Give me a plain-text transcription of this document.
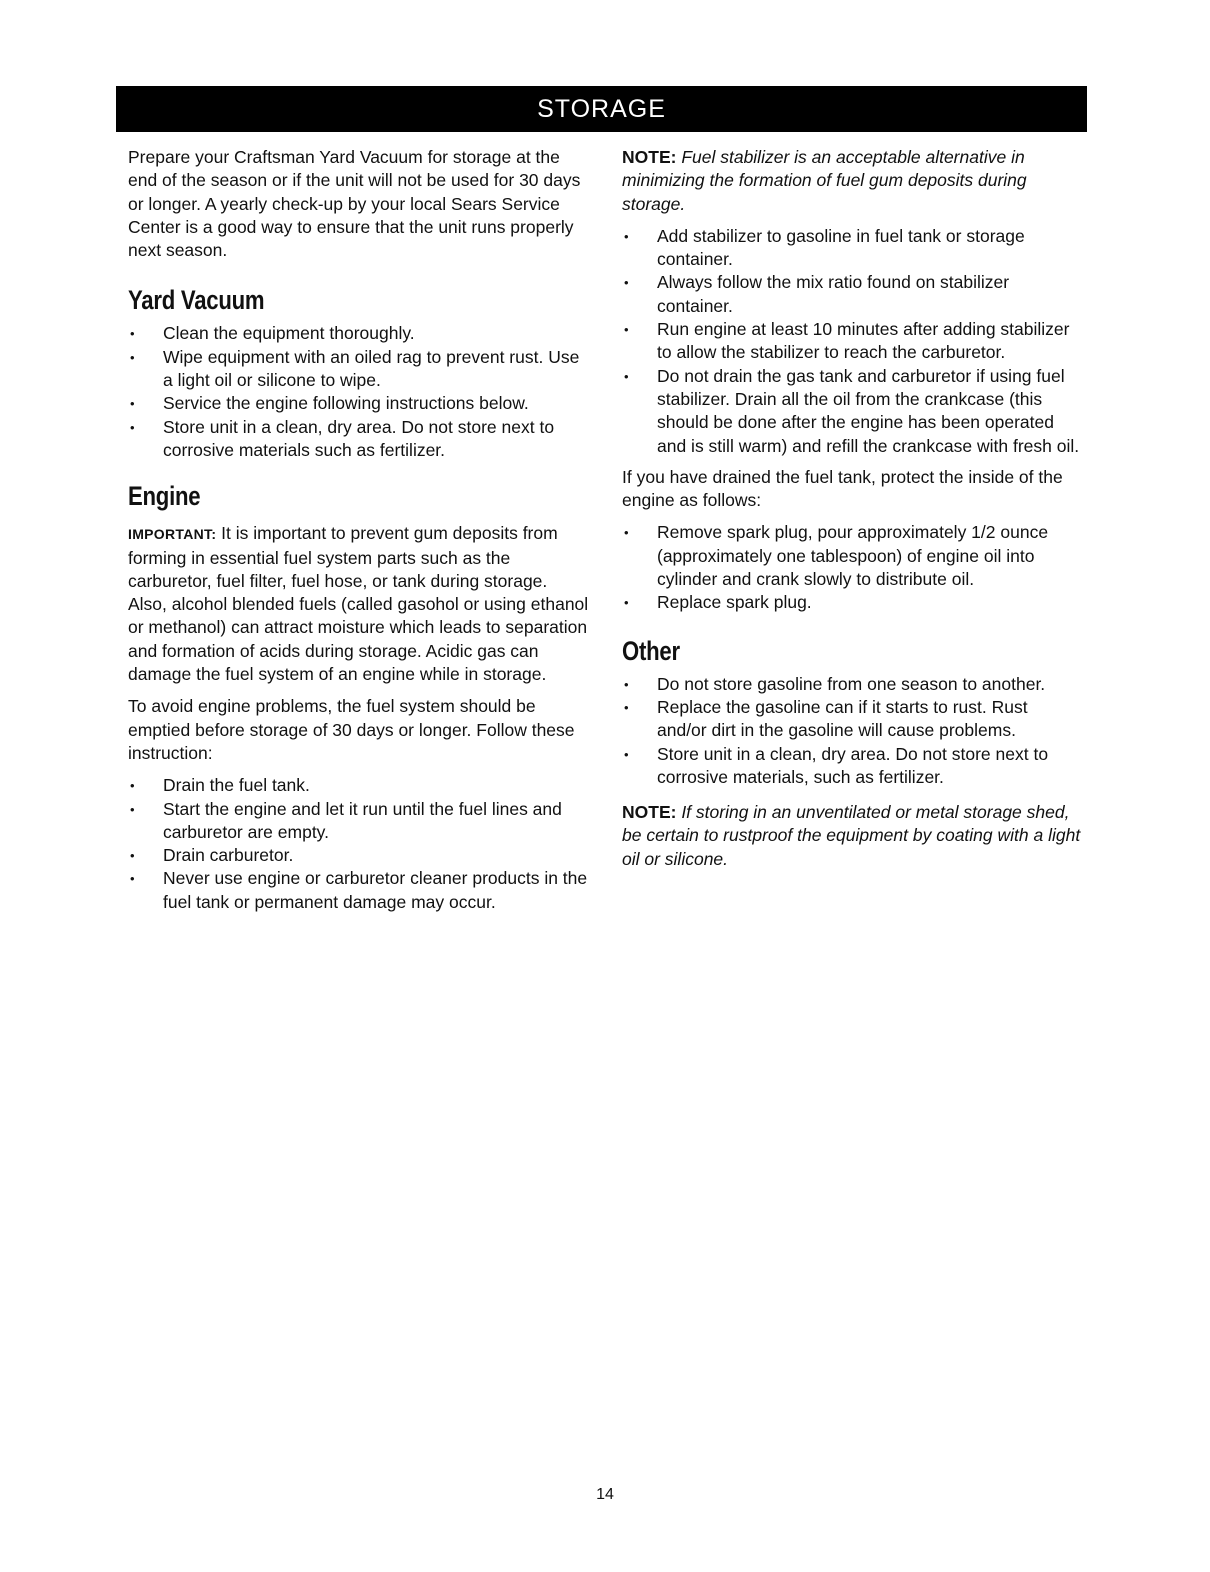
STORAGE

Prepare your Craftsman Yard Vacuum for storage at the end of the season or if the unit will not be used for 30 days or longer. A yearly check-up by your local Sears Service Center is a good way to ensure that the unit runs properly next season.

Yard Vacuum
• Clean the equipment thoroughly.
• Wipe equipment with an oiled rag to prevent rust. Use a light oil or silicone to wipe.
• Service the engine following instructions below.
• Store unit in a clean, dry area. Do not store next to corrosive materials such as fertilizer.
Engine

IMPORTANT: It is important to prevent gum deposits from forming in essential fuel system parts such as the carburetor, fuel filter, fuel hose, or tank during storage. Also, alcohol blended fuels (called gasohol or using ethanol or methanol) can attract moisture which leads to separation and formation of acids during storage. Acidic gas can damage the fuel system of an engine while in storage.

To avoid engine problems, the fuel system should be emptied before storage of 30 days or longer. Follow these instruction:

• Drain the fuel tank.
• Start the engine and let it run until the fuel lines and carburetor are empty.
• Drain carburetor.
• Never use engine or carburetor cleaner products in the fuel tank or permanent damage may occur.

NOTE: Fuel stabilizer is an acceptable alternative in minimizing the formation of fuel gum deposits during storage.

• Add stabilizer to gasoline in fuel tank or storage container.
• Always follow the mix ratio found on stabilizer container.
• Run engine at least 10 minutes after adding stabilizer to allow the stabilizer to reach the carburetor.
• Do not drain the gas tank and carburetor if using fuel stabilizer. Drain all the oil from the crankcase (this should be done after the engine has been operated and is still warm) and refill the crankcase with fresh oil.

If you have drained the fuel tank, protect the inside of the engine as follows:

• Remove spark plug, pour approximately 1/2 ounce (approximately one tablespoon) of engine oil into cylinder and crank slowly to distribute oil.
• Replace spark plug.
Other
• Do not store gasoline from one season to another.
• Replace the gasoline can if it starts to rust. Rust and/or dirt in the gasoline will cause problems.
• Store unit in a clean, dry area. Do not store next to corrosive materials, such as fertilizer.

NOTE: If storing in an unventilated or metal storage shed, be certain to rustproof the equipment by coating with a light oil or silicone.

14
